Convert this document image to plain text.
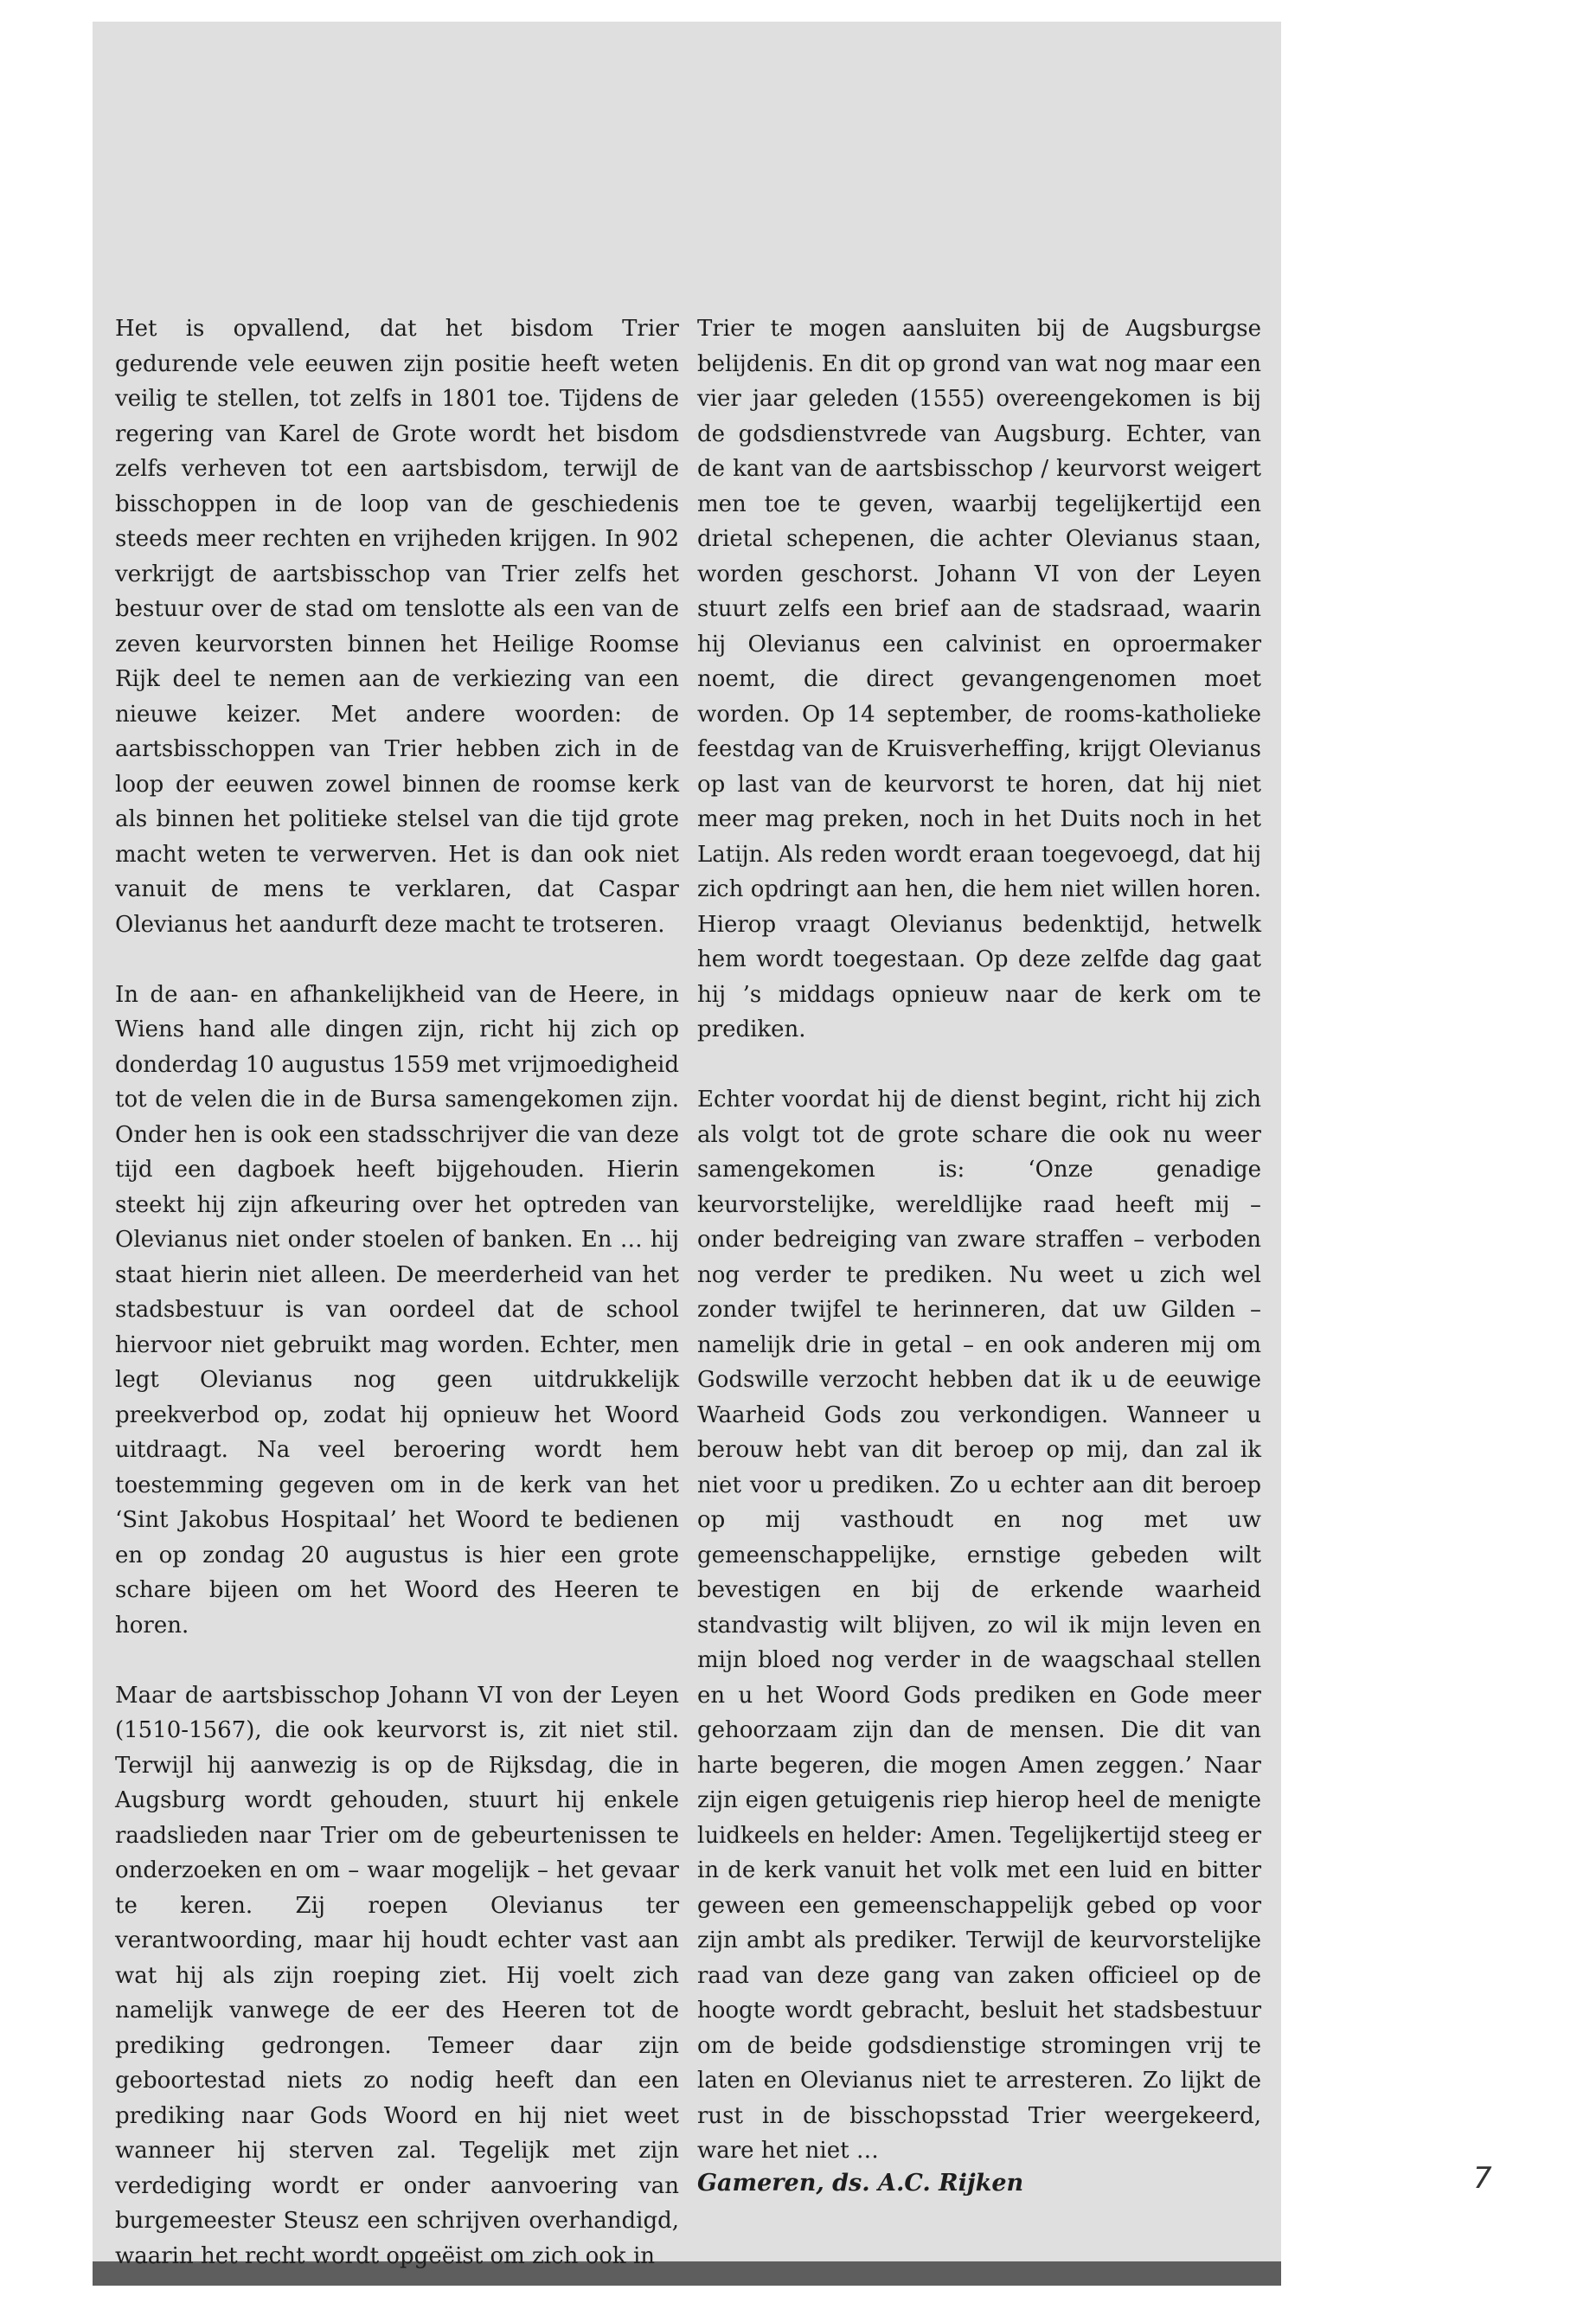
Het is opvallend, dat het bisdom Trier gedurende vele eeuwen zijn positie heeft weten veilig te stellen, tot zelfs in 1801 toe. Tijdens de regering van Karel de Grote wordt het bisdom zelfs verheven tot een aartsbisdom, terwijl de bisschoppen in de loop van de geschiedenis steeds meer rechten en vrijheden krijgen. In 902 verkrijgt de aartsbisschop van Trier zelfs het bestuur over de stad om tenslotte als een van de zeven keurvorsten binnen het Heilige Roomse Rijk deel te nemen aan de verkiezing van een nieuwe keizer. Met andere woorden: de aartsbisschoppen van Trier hebben zich in de loop der eeuwen zowel binnen de roomse kerk als binnen het politieke stelsel van die tijd grote macht weten te verwerven. Het is dan ook niet vanuit de mens te verklaren, dat Caspar Olevianus het aandurft deze macht te trotseren.

In de aan- en afhankelijkheid van de Heere, in Wiens hand alle dingen zijn, richt hij zich op donderdag 10 augustus 1559 met vrijmoedigheid tot de velen die in de Bursa samengekomen zijn. Onder hen is ook een stadsschrijver die van deze tijd een dagboek heeft bijgehouden. Hierin steekt hij zijn afkeuring over het optreden van Olevianus niet onder stoelen of banken. En … hij staat hierin niet alleen. De meerderheid van het stadsbestuur is van oordeel dat de school hiervoor niet gebruikt mag worden. Echter, men legt Olevianus nog geen uitdrukkelijk preekverbod op, zodat hij opnieuw het Woord uitdraagt. Na veel beroering wordt hem toestemming gegeven om in de kerk van het ‘Sint Jakobus Hospitaal’ het Woord te bedienen en op zondag 20 augustus is hier een grote schare bijeen om het Woord des Heeren te horen.

Maar de aartsbisschop Johann VI von der Leyen (1510-1567), die ook keurvorst is, zit niet stil. Terwijl hij aanwezig is op de Rijksdag, die in Augsburg wordt gehouden, stuurt hij enkele raadslieden naar Trier om de gebeurtenissen te onderzoeken en om – waar mogelijk – het gevaar te keren. Zij roepen Olevianus ter verantwoording, maar hij houdt echter vast aan wat hij als zijn roeping ziet. Hij voelt zich namelijk vanwege de eer des Heeren tot de prediking gedrongen. Temeer daar zijn geboortestad niets zo nodig heeft dan een prediking naar Gods Woord en hij niet weet wanneer hij sterven zal. Tegelijk met zijn verdediging wordt er onder aanvoering van burgemeester Steusz een schrijven overhandigd, waarin het recht wordt opgeëist om zich ook in

Trier te mogen aansluiten bij de Augsburgse belijdenis. En dit op grond van wat nog maar een vier jaar geleden (1555) overeengekomen is bij de godsdienstvrede van Augsburg. Echter, van de kant van de aartsbisschop / keurvorst weigert men toe te geven, waarbij tegelijkertijd een drietal schepenen, die achter Olevianus staan, worden geschorst. Johann VI von der Leyen stuurt zelfs een brief aan de stadsraad, waarin hij Olevianus een calvinist en oproermaker noemt, die direct gevangengenomen moet worden. Op 14 september, de rooms-katholieke feestdag van de Kruisverheffing, krijgt Olevianus op last van de keurvorst te horen, dat hij niet meer mag preken, noch in het Duits noch in het Latijn. Als reden wordt eraan toegevoegd, dat hij zich opdringt aan hen, die hem niet willen horen. Hierop vraagt Olevianus bedenktijd, hetwelk hem wordt toegestaan. Op deze zelfde dag gaat hij ’s middags opnieuw naar de kerk om te prediken.

Echter voordat hij de dienst begint, richt hij zich als volgt tot de grote schare die ook nu weer samengekomen is: ‘Onze genadige keurvorstelijke, wereldlijke raad heeft mij – onder bedreiging van zware straffen – verboden nog verder te prediken. Nu weet u zich wel zonder twijfel te herinneren, dat uw Gilden – namelijk drie in getal – en ook anderen mij om Godswille verzocht hebben dat ik u de eeuwige Waarheid Gods zou verkondigen. Wanneer u berouw hebt van dit beroep op mij, dan zal ik niet voor u prediken. Zo u echter aan dit beroep op mij vasthoudt en nog met uw gemeenschappelijke, ernstige gebeden wilt bevestigen en bij de erkende waarheid standvastig wilt blijven, zo wil ik mijn leven en mijn bloed nog verder in de waagschaal stellen en u het Woord Gods prediken en Gode meer gehoorzaam zijn dan de mensen. Die dit van harte begeren, die mogen Amen zeggen.’ Naar zijn eigen getuigenis riep hierop heel de menigte luidkeels en helder: Amen. Tegelijkertijd steeg er in de kerk vanuit het volk met een luid en bitter geween een gemeenschappelijk gebed op voor zijn ambt als prediker. Terwijl de keurvorstelijke raad van deze gang van zaken officieel op de hoogte wordt gebracht, besluit het stadsbestuur om de beide godsdienstige stromingen vrij te laten en Olevianus niet te arresteren. Zo lijkt de rust in de bisschopsstad Trier weergekeerd, ware het niet …

Gameren, ds. A.C. Rijken	7
